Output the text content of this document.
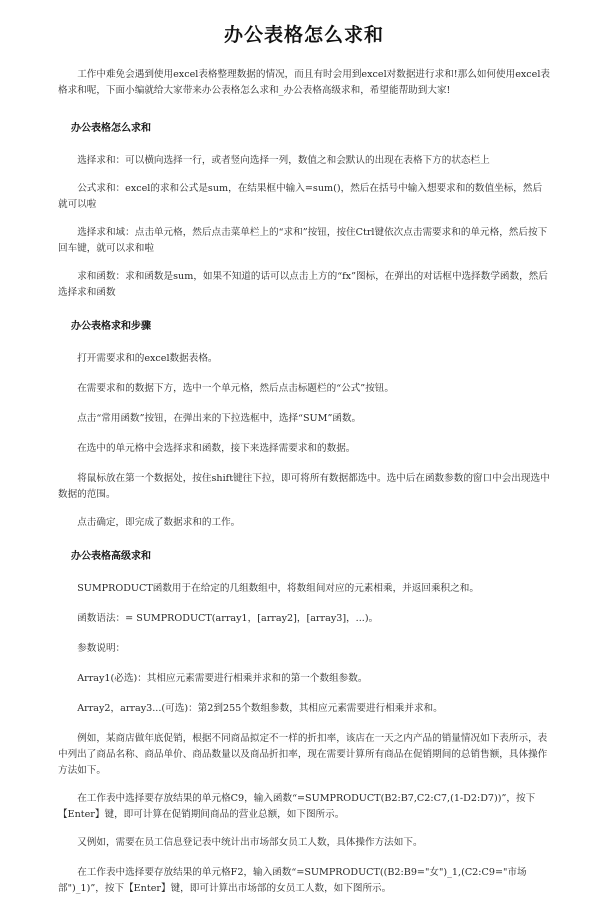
办公表格怎么求和

工作中难免会遇到使用excel表格整理数据的情况，而且有时会用到excel对数据进行求和!那么如何使用excel表格求和呢，下面小编就给大家带来办公表格怎么求和_办公表格高级求和，希望能帮助到大家!

办公表格怎么求和

选择求和：可以横向选择一行，或者竖向选择一列，数值之和会默认的出现在表格下方的状态栏上

公式求和：excel的求和公式是sum，在结果框中输入=sum()，然后在括号中输入想要求和的数值坐标，然后就可以啦

选择求和域：点击单元格，然后点击菜单栏上的“求和”按钮，按住Ctrl键依次点击需要求和的单元格，然后按下回车键，就可以求和啦

求和函数：求和函数是sum，如果不知道的话可以点击上方的“fx”图标，在弹出的对话框中选择数学函数，然后选择求和函数

办公表格求和步骤

打开需要求和的excel数据表格。

在需要求和的数据下方，选中一个单元格，然后点击标题栏的“公式”按钮。

点击“常用函数”按钮，在弹出来的下拉选框中，选择“SUM”函数。

在选中的单元格中会选择求和函数，接下来选择需要求和的数据。

将鼠标放在第一个数据处，按住shift键往下拉，即可将所有数据都选中。选中后在函数参数的窗口中会出现选中数据的范围。

点击确定，即完成了数据求和的工作。

办公表格高级求和

SUMPRODUCT函数用于在给定的几组数组中，将数组间对应的元素相乘，并返回乘积之和。

函数语法：= SUMPRODUCT(array1，[array2]，[array3]，...)。

参数说明：

Array1(必选)：其相应元素需要进行相乘并求和的第一个数组参数。

Array2，array3...(可选)：第2到255个数组参数，其相应元素需要进行相乘并求和。

例如，某商店做年底促销，根据不同商品拟定不一样的折扣率，该店在一天之内产品的销量情况如下表所示，表中列出了商品名称、商品单价、商品数量以及商品折扣率，现在需要计算所有商品在促销期间的总销售额，具体操作方法如下。

在工作表中选择要存放结果的单元格C9，输入函数“=SUMPRODUCT(B2:B7,C2:C7,(1-D2:D7))”，按下【Enter】键，即可计算在促销期间商品的营业总额，如下图所示。

又例如，需要在员工信息登记表中统计出市场部女员工人数，具体操作方法如下。

在工作表中选择要存放结果的单元格F2，输入函数“=SUMPRODUCT((B2:B9="女")_1,(C2:C9="市场部")_1)”，按下【Enter】键，即可计算出市场部的女员工人数，如下图所示。
